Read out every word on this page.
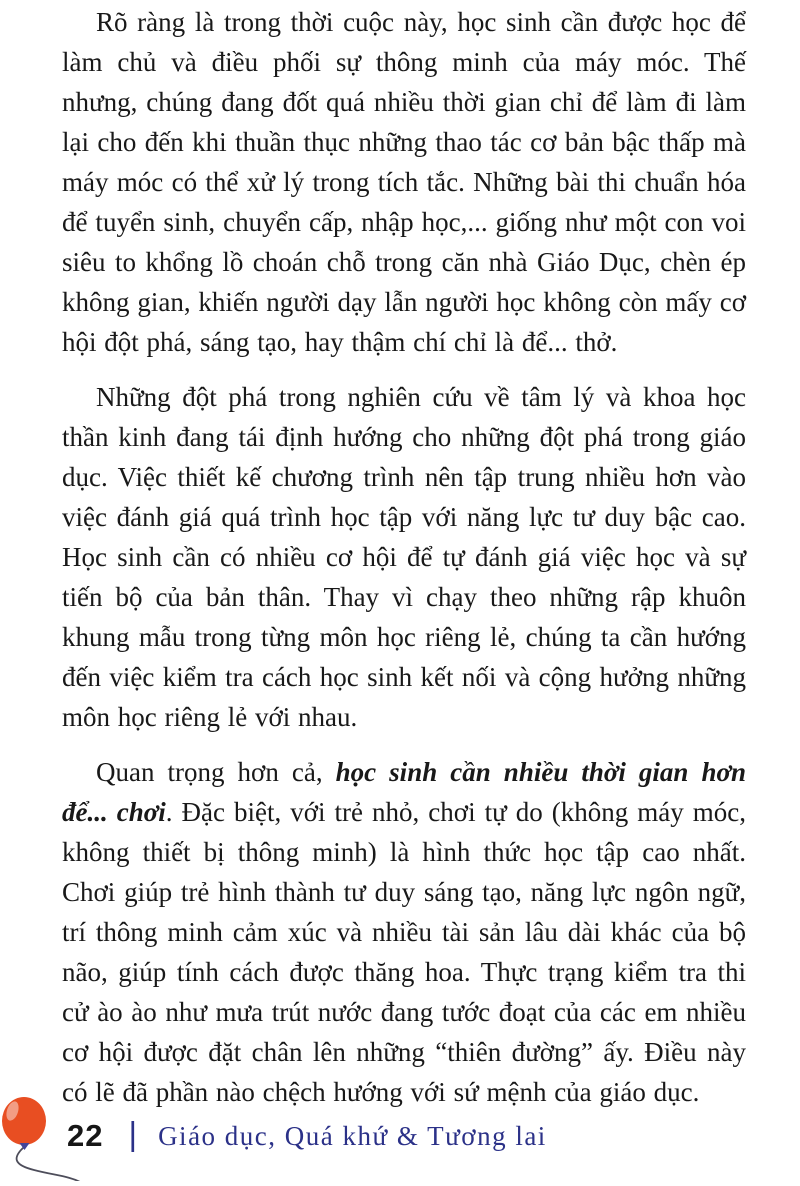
Rõ ràng là trong thời cuộc này, học sinh cần được học để làm chủ và điều phối sự thông minh của máy móc. Thế nhưng, chúng đang đốt quá nhiều thời gian chỉ để làm đi làm lại cho đến khi thuần thục những thao tác cơ bản bậc thấp mà máy móc có thể xử lý trong tích tắc. Những bài thi chuẩn hóa để tuyển sinh, chuyển cấp, nhập học,... giống như một con voi siêu to khổng lồ choán chỗ trong căn nhà Giáo Dục, chèn ép không gian, khiến người dạy lẫn người học không còn mấy cơ hội đột phá, sáng tạo, hay thậm chí chỉ là để... thở.

Những đột phá trong nghiên cứu về tâm lý và khoa học thần kinh đang tái định hướng cho những đột phá trong giáo dục. Việc thiết kế chương trình nên tập trung nhiều hơn vào việc đánh giá quá trình học tập với năng lực tư duy bậc cao. Học sinh cần có nhiều cơ hội để tự đánh giá việc học và sự tiến bộ của bản thân. Thay vì chạy theo những rập khuôn khung mẫu trong từng môn học riêng lẻ, chúng ta cần hướng đến việc kiểm tra cách học sinh kết nối và cộng hưởng những môn học riêng lẻ với nhau.

Quan trọng hơn cả, học sinh cần nhiều thời gian hơn để... chơi. Đặc biệt, với trẻ nhỏ, chơi tự do (không máy móc, không thiết bị thông minh) là hình thức học tập cao nhất. Chơi giúp trẻ hình thành tư duy sáng tạo, năng lực ngôn ngữ, trí thông minh cảm xúc và nhiều tài sản lâu dài khác của bộ não, giúp tính cách được thăng hoa. Thực trạng kiểm tra thi cử ào ào như mưa trút nước đang tước đoạt của các em nhiều cơ hội được đặt chân lên những “thiên đường” ấy. Điều này có lẽ đã phần nào chệch hướng với sứ mệnh của giáo dục.

22 | Giáo dục, Quá khứ & Tương lai
